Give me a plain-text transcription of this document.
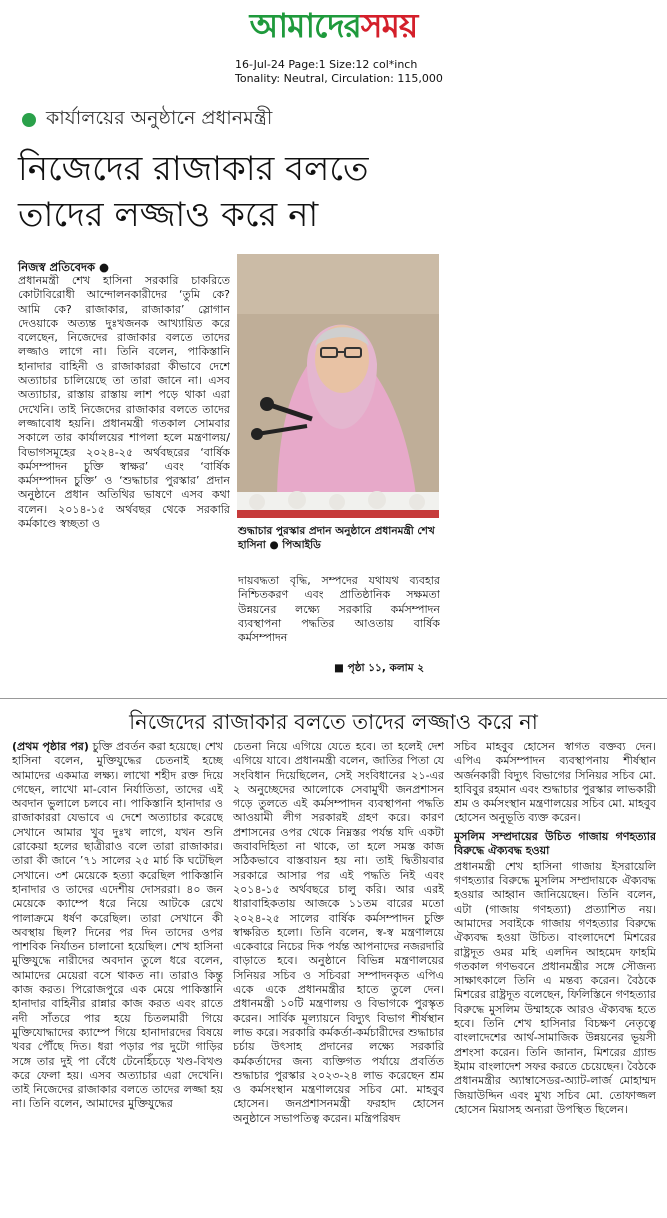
আমাদেরসময়
16-Jul-24 Page:1 Size:12 col*inch
Tonality: Neutral, Circulation: 115,000
কার্যালয়ের অনুষ্ঠানে প্রধানমন্ত্রী
নিজেদের রাজাকার বলতে
তাদের লজ্জাও করে না
নিজস্ব প্রতিবেদক ●

প্রধানমন্ত্রী শেখ হাসিনা সরকারি চাকরিতে কোটাবিরোধী আন্দোলনকারীদের ‘তুমি কে? আমি কে? রাজাকার, রাজাকার’ স্লোগান দেওয়াকে অত্যন্ত দুঃখজনক আখ্যায়িত করে বলেছেন, নিজেদের রাজাকার বলতে তাদের লজ্জাও লাগে না। তিনি বলেন, পাকিস্তানি হানাদার বাহিনী ও রাজাকাররা কীভাবে দেশে অত্যাচার চালিয়েছে তা তারা জানে না। এসব অত্যাচার, রাস্তায় রাস্তায় লাশ পড়ে থাকা এরা দেখেনি। তাই নিজেদের রাজাকার বলতে তাদের লজ্জাবোধ হয়নি। প্রধানমন্ত্রী গতকাল সোমবার সকালে তার কার্যালয়ের শাপলা হলে মন্ত্রণালয়/বিভাগসমূহের ২০২৪-২৫ অর্থবছরের ‘বার্ষিক কর্মসম্পাদন চুক্তি স্বাক্ষর’ এবং ‘বার্ষিক কর্মসম্পাদন চুক্তি’ ও ‘শুদ্ধাচার পুরস্কার’ প্রদান অনুষ্ঠানে প্রধান অতিথির ভাষণে এসব কথা বলেন। ২০১৪-১৫ অর্থবছর থেকে সরকারি কর্মকাণ্ডে স্বচ্ছতা ও

শুদ্ধাচার পুরস্কার প্রদান অনুষ্ঠানে প্রধানমন্ত্রী শেখ হাসিনা ● পিআইডি

দায়বদ্ধতা বৃদ্ধি, সম্পদের যথাযথ ব্যবহার নিশ্চিতকরণ এবং প্রাতিষ্ঠানিক সক্ষমতা উন্নয়নের লক্ষ্যে সরকারি কর্মসম্পাদন ব্যবস্থাপনা পদ্ধতির আওতায় বার্ষিক কর্মসম্পাদন

■ পৃষ্ঠা ১১, কলাম ২
নিজেদের রাজাকার বলতে তাদের লজ্জাও করে না

(প্রথম পৃষ্ঠার পর) চুক্তি প্রবর্তন করা হয়েছে। শেখ হাসিনা বলেন, মুক্তিযুদ্ধের চেতনাই হচ্ছে আমাদের একমাত্র লক্ষ্য। লাখো শহীদ রক্ত দিয়ে গেছেন, লাখো মা-বোন নির্যাতিতা, তাদের এই অবদান ভুলালে চলবে না। পাকিস্তানি হানাদার ও রাজাকাররা যেভাবে এ দেশে অত্যাচার করেছে সেখানে আমার খুব দুঃখ লাগে, যখন শুনি রোকেয়া হলের ছাত্রীরাও বলে তারা রাজাকার। তারা কী জানে ’৭১ সালের ২৫ মার্চ কি ঘটেছিল সেখানে। ৩শ মেয়েকে হত্যা করেছিল পাকিস্তানি হানাদার ও তাদের এদেশীয় দোসররা। ৪০ জন মেয়েকে ক্যাম্পে ধরে নিয়ে আটকে রেখে পালাক্রমে ধর্ষণ করেছিল। তারা সেখানে কী অবস্থায় ছিল? দিনের পর দিন তাদের ওপর পাশবিক নির্যাতন চালানো হয়েছিল। শেখ হাসিনা মুক্তিযুদ্ধে নারীদের অবদান তুলে ধরে বলেন, আমাদের মেয়েরা বসে থাকত না। তারাও কিন্তু কাজ করত। পিরোজপুরে এক মেয়ে পাকিস্তানি হানাদার বাহিনীর রান্নার কাজ করত এবং রাতে নদী সাঁতরে পার হয়ে চিতলমারী গিয়ে মুক্তিযোদ্ধাদের ক্যাম্পে গিয়ে হানাদারদের বিষয়ে খবর পৌঁছে দিত। ধরা পড়ার পর দুটো গাড়ির সঙ্গে তার দুই পা বেঁধে টেনেহিঁচড়ে খণ্ড-বিখণ্ড করে ফেলা হয়। এসব অত্যাচার এরা দেখেনি। তাই নিজেদের রাজাকার বলতে তাদের লজ্জা হয় না। তিনি বলেন, আমাদের মুক্তিযুদ্ধের

চেতনা নিয়ে এগিয়ে যেতে হবে। তা হলেই দেশ এগিয়ে যাবে। প্রধানমন্ত্রী বলেন, জাতির পিতা যে সংবিধান দিয়েছিলেন, সেই সংবিধানের ২১-এর ২ অনুচ্ছেদের আলোকে সেবামুখী জনপ্রশাসন গড়ে তুলতে এই কর্মসম্পাদন ব্যবস্থাপনা পদ্ধতি আওয়ামী লীগ সরকারই গ্রহণ করে। কারণ প্রশাসনের ওপর থেকে নিম্নস্তর পর্যন্ত যদি একটা জবাবদিহিতা না থাকে, তা হলে সমস্ত কাজ সঠিকভাবে বাস্তবায়ন হয় না। তাই দ্বিতীয়বার সরকারে আসার পর এই পদ্ধতি নিই এবং ২০১৪-১৫ অর্থবছরে চালু করি। আর এরই ধারাবাহিকতায় আজকে ১১তম বারের মতো ২০২৪-২৫ সালের বার্ষিক কর্মসম্পাদন চুক্তি স্বাক্ষরিত হলো। তিনি বলেন, স্ব-স্ব মন্ত্রণালয়ে একেবারে নিচের দিক পর্যন্ত আপনাদের নজরদারি বাড়াতে হবে। অনুষ্ঠানে বিভিন্ন মন্ত্রণালয়ের সিনিয়র সচিব ও সচিবরা সম্পাদনকৃত এপিএ একে একে প্রধানমন্ত্রীর হাতে তুলে দেন। প্রধানমন্ত্রী ১০টি মন্ত্রণালয় ও বিভাগকে পুরস্কৃত করেন। সার্বিক মূল্যায়নে বিদ্যুৎ বিভাগ শীর্ষস্থান লাভ করে। সরকারি কর্মকর্তা-কর্মচারীদের শুদ্ধাচার চর্চায় উৎসাহ প্রদানের লক্ষ্যে সরকারি কর্মকর্তাদের জন্য ব্যক্তিগত পর্যায়ে প্রবর্তিত শুদ্ধাচার পুরস্কার ২০২৩-২৪ লাভ করেছেন শ্রম ও কর্মসংস্থান মন্ত্রণালয়ের সচিব মো. মাহবুব হোসেন। জনপ্রশাসনমন্ত্রী ফরহাদ হোসেন অনুষ্ঠানে সভাপতিত্ব করেন। মন্ত্রিপরিষদ

সচিব মাহবুব হোসেন স্বাগত বক্তব্য দেন। এপিএ কর্মসম্পাদন ব্যবস্থাপনায় শীর্ষস্থান অর্জনকারী বিদ্যুৎ বিভাগের সিনিয়র সচিব মো. হাবিবুর রহমান এবং শুদ্ধাচার পুরস্কার লাভকারী শ্রম ও কর্মসংস্থান মন্ত্রণালয়ের সচিব মো. মাহবুব হোসেন অনুভূতি ব্যক্ত করেন।

মুসলিম সম্প্রদায়ের উচিত গাজায় গণহত্যার বিরুদ্ধে ঐক্যবদ্ধ হওয়া

প্রধানমন্ত্রী শেখ হাসিনা গাজায় ইসরায়েলি গণহত্যার বিরুদ্ধে মুসলিম সম্প্রদায়কে ঐক্যবদ্ধ হওয়ার আহ্বান জানিয়েছেন। তিনি বলেন, এটা (গাজায় গণহত্যা) প্রত্যাশিত নয়। আমাদের সবাইকে গাজায় গণহত্যার বিরুদ্ধে ঐক্যবদ্ধ হওয়া উচিত। বাংলাদেশে মিশরের রাষ্ট্রদূত ওমর মহি এলদিন আহমেদ ফাহমি গতকাল গণভবনে প্রধানমন্ত্রীর সঙ্গে সৌজন্য সাক্ষাৎকালে তিনি এ মন্তব্য করেন। বৈঠকে মিশরের রাষ্ট্রদূত বলেছেন, ফিলিস্তিনে গণহত্যার বিরুদ্ধে মুসলিম উম্মাহকে আরও ঐক্যবদ্ধ হতে হবে। তিনি শেখ হাসিনার বিচক্ষণ নেতৃত্বে বাংলাদেশের আর্থ-সামাজিক উন্নয়নের ভূয়সী প্রশংসা করেন। তিনি জানান, মিশরের গ্র্যান্ড ইমাম বাংলাদেশ সফর করতে চেয়েছেন। বৈঠকে প্রধানমন্ত্রীর অ্যাম্বাসেডর-অ্যাট-লার্জ মোহাম্মদ জিয়াউদ্দিন এবং মুখ্য সচিব মো. তোফাজ্জল হোসেন মিয়াসহ অন্যরা উপস্থিত ছিলেন।
